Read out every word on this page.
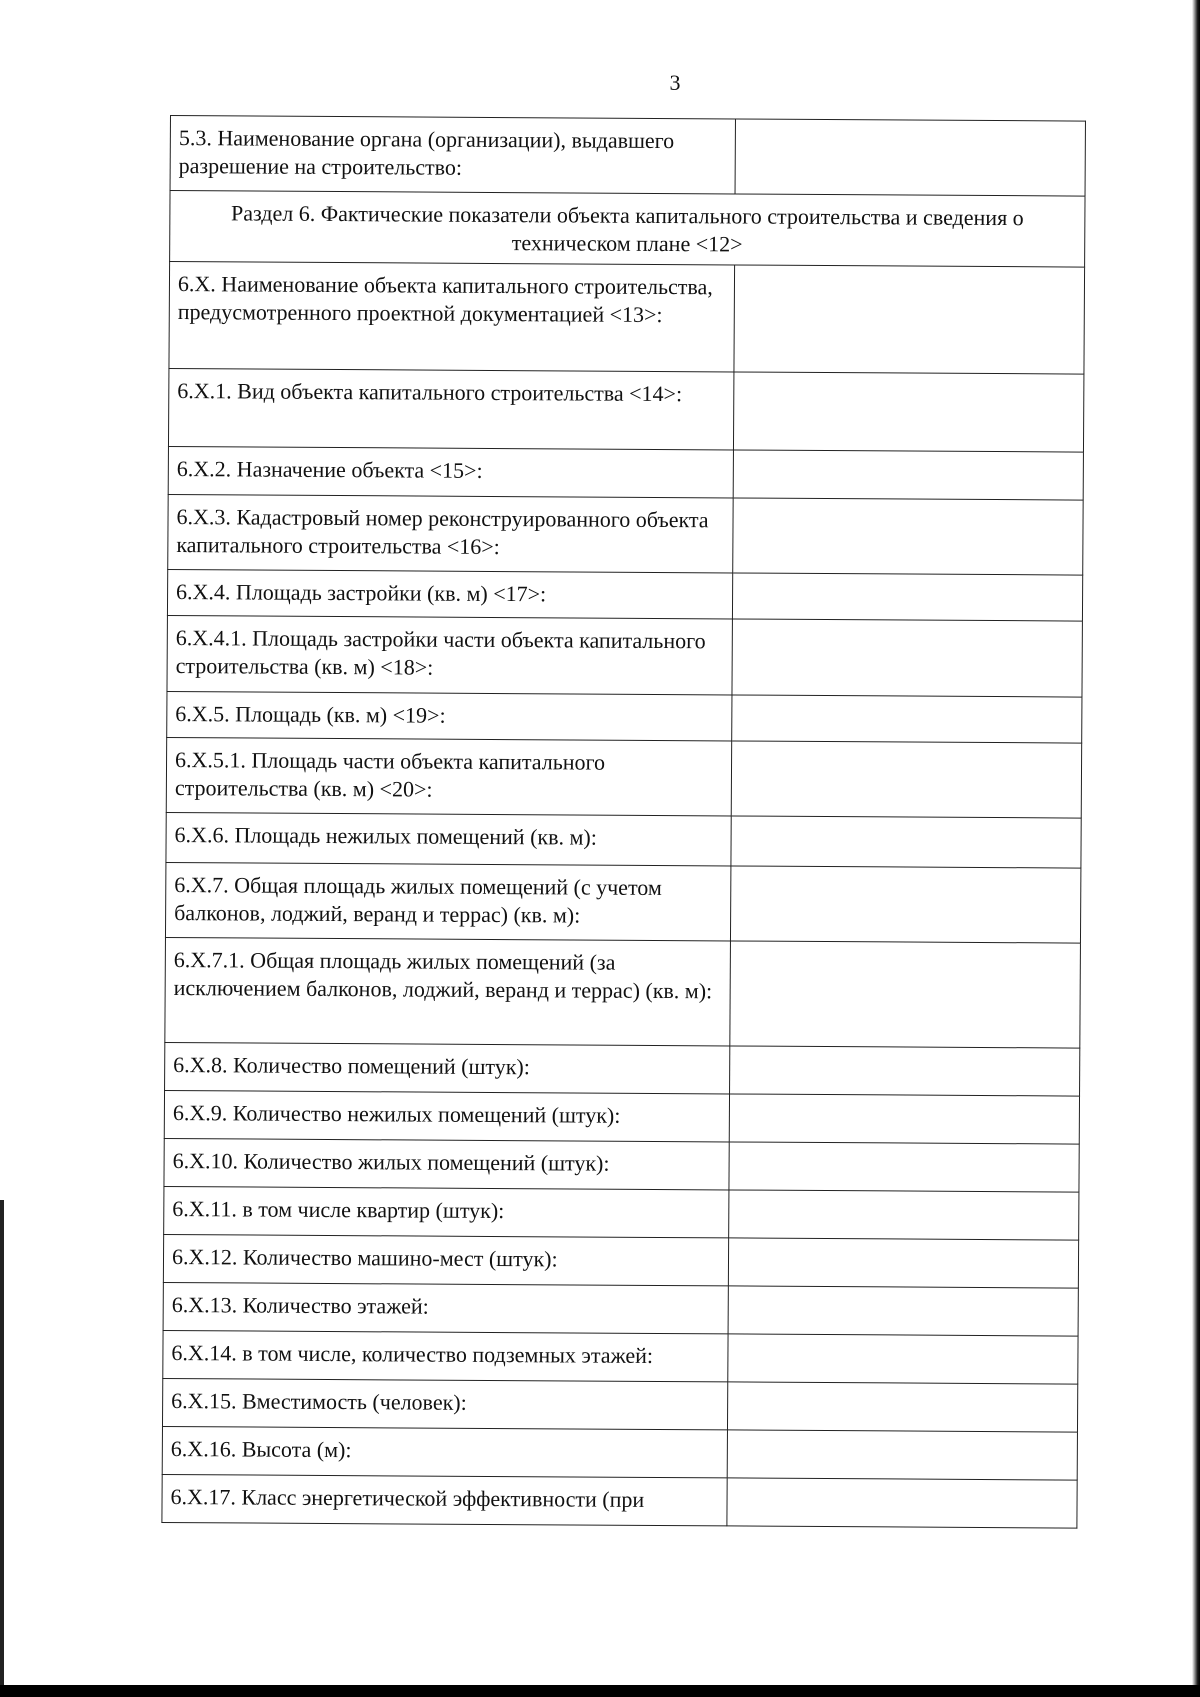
3
5.3. Наименование органа (организации), выдавшего разрешение на строительство:	
Раздел 6. Фактические показатели объекта капитального строительства и сведения о техническом плане <12>	
6.X. Наименование объекта капитального строительства, предусмотренного проектной документацией <13>:	
6.X.1. Вид объекта капитального строительства <14>:	
6.X.2. Назначение объекта <15>:	
6.X.3. Кадастровый номер реконструированного объекта капитального строительства <16>:	
6.X.4. Площадь застройки (кв. м) <17>:	
6.X.4.1. Площадь застройки части объекта капитального строительства (кв. м) <18>:	
6.X.5. Площадь (кв. м) <19>:	
6.X.5.1. Площадь части объекта капитального строительства (кв. м) <20>:	
6.X.6. Площадь нежилых помещений (кв. м):	
6.X.7. Общая площадь жилых помещений (с учетом балконов, лоджий, веранд и террас) (кв. м):	
6.X.7.1. Общая площадь жилых помещений (за исключением балконов, лоджий, веранд и террас) (кв. м):	
6.X.8. Количество помещений (штук):	
6.X.9. Количество нежилых помещений (штук):	
6.X.10. Количество жилых помещений (штук):	
6.X.11. в том числе квартир (штук):	
6.X.12. Количество машино-мест (штук):	
6.X.13. Количество этажей:	
6.X.14. в том числе, количество подземных этажей:	
6.X.15. Вместимость (человек):	
6.X.16. Высота (м):	
6.X.17. Класс энергетической эффективности (при	
